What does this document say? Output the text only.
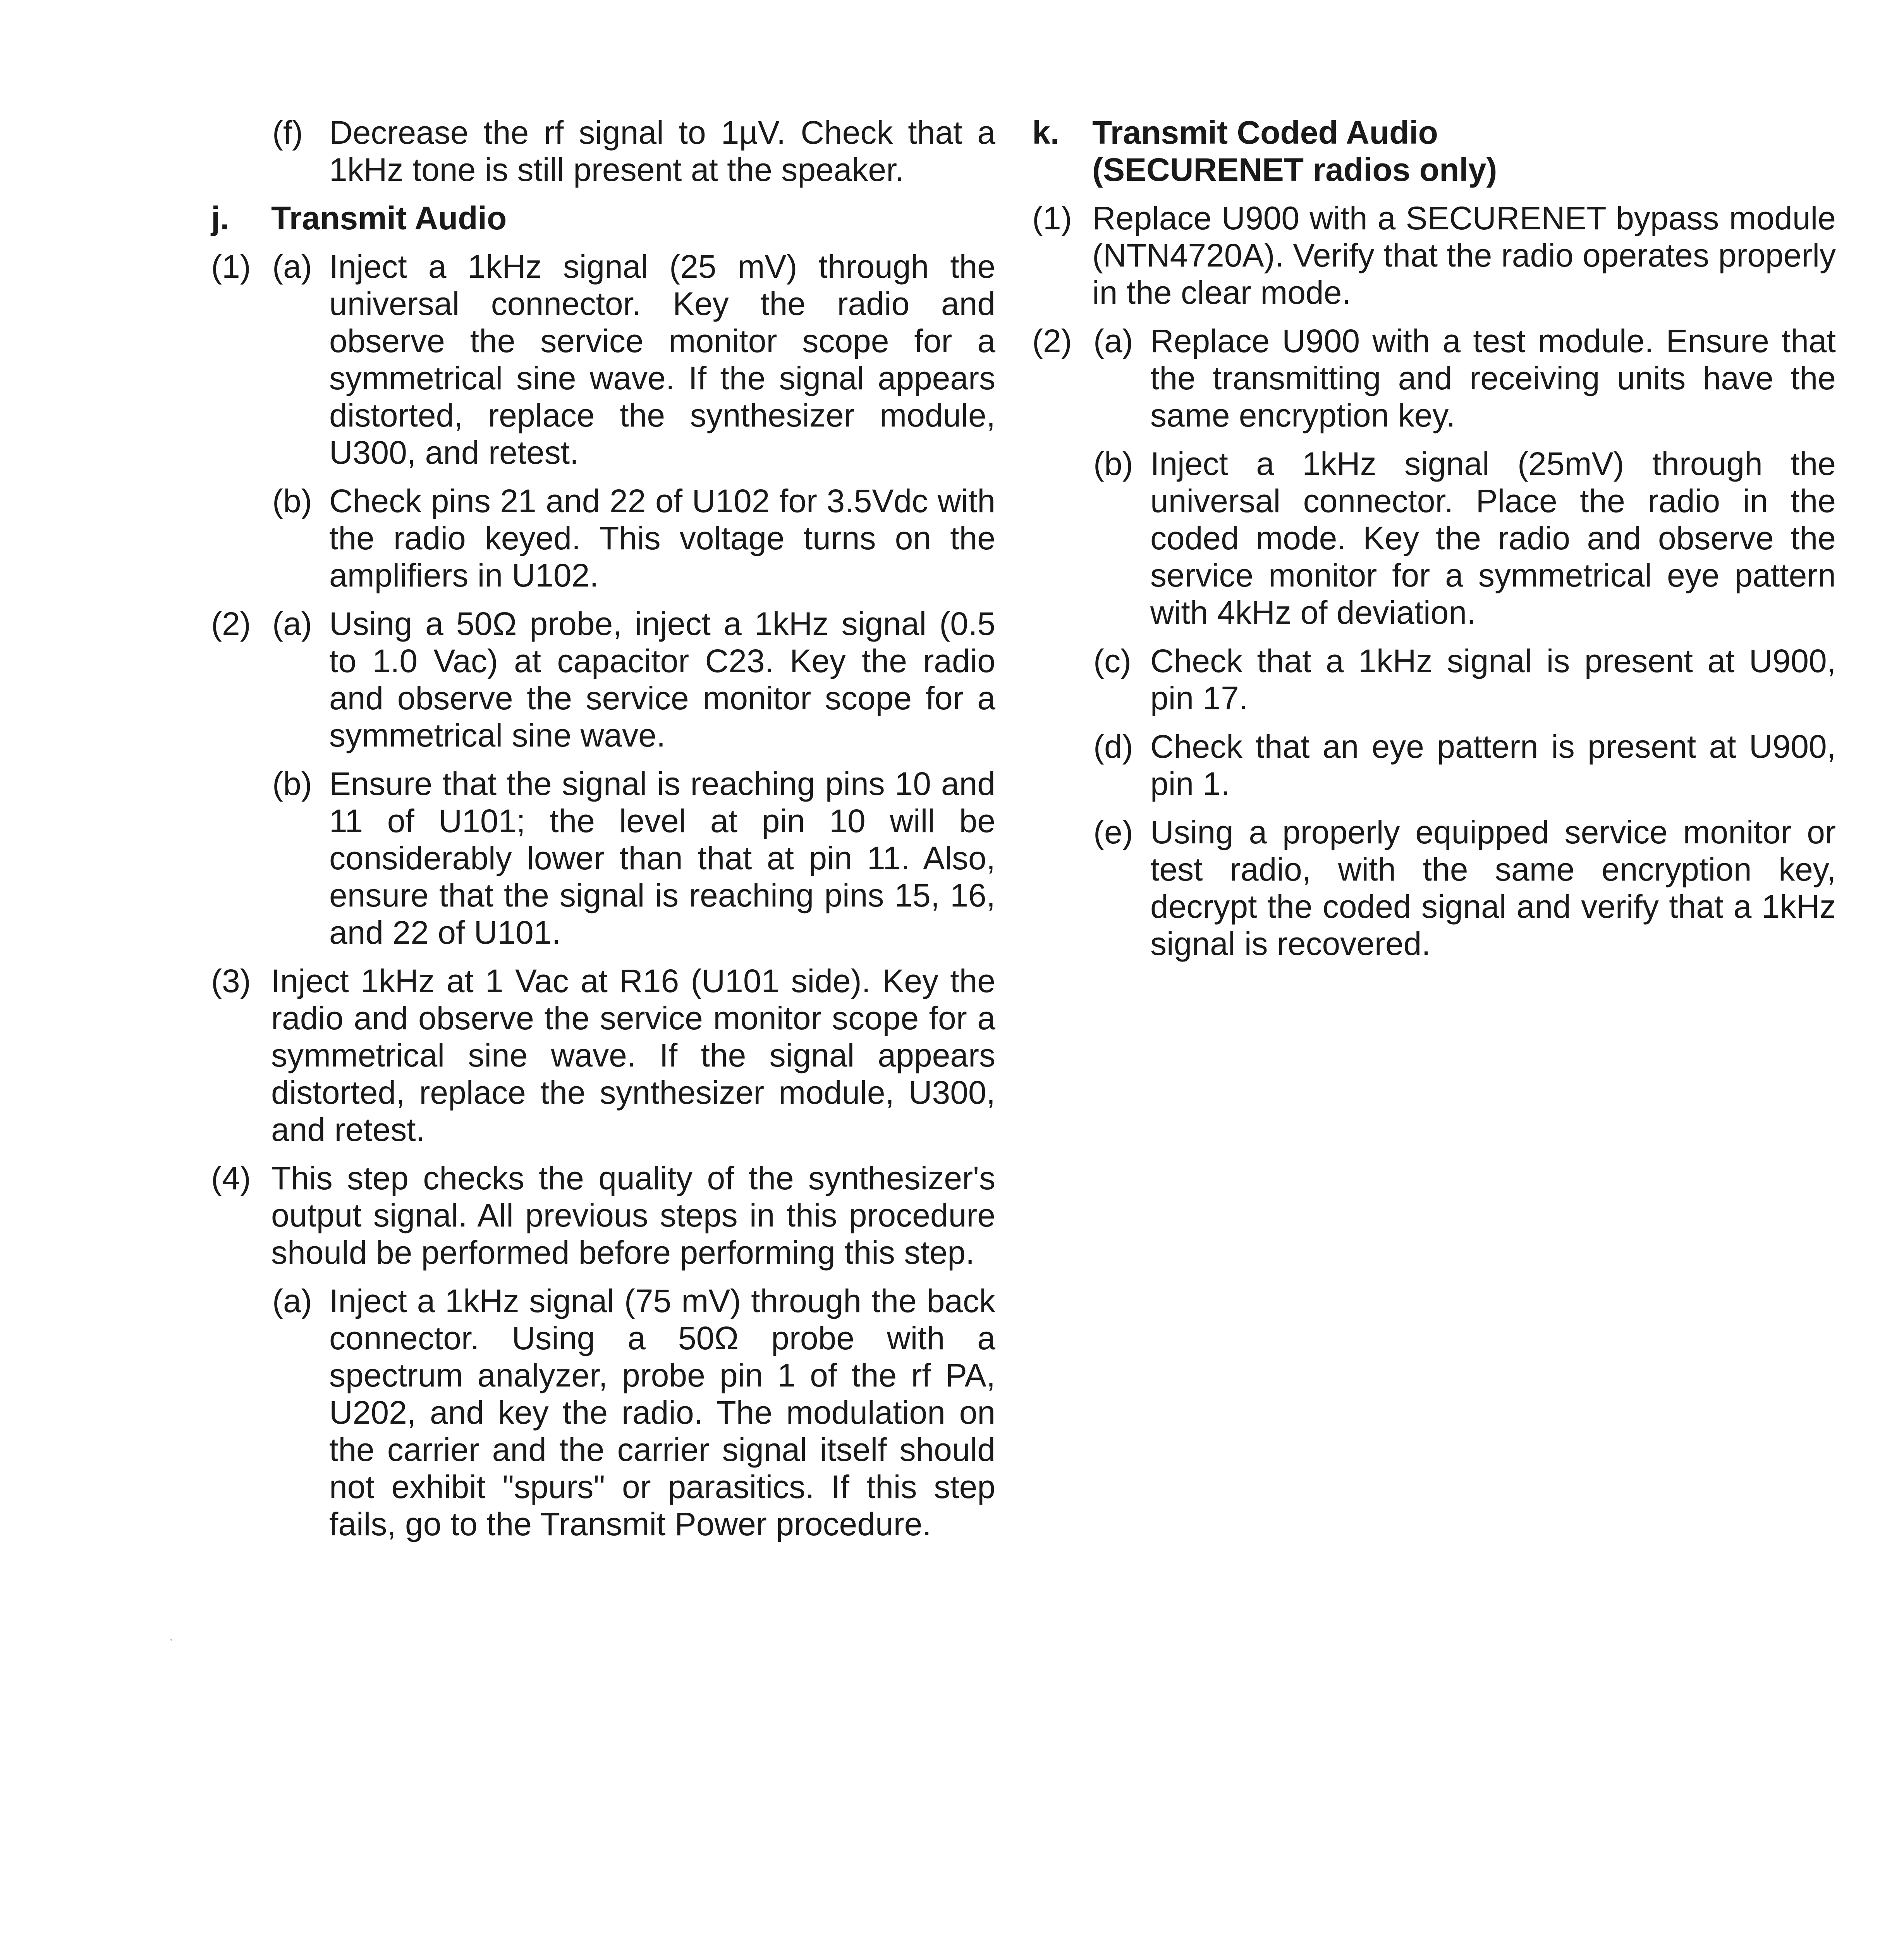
(f) Decrease the rf signal to 1µV. Check that a 1kHz tone is still present at the speaker.
j. Transmit Audio
(1) (a) Inject a 1kHz signal (25 mV) through the universal connector. Key the radio and observe the service monitor scope for a symmetrical sine wave. If the signal appears distorted, replace the synthesizer module, U300, and retest.
(b) Check pins 21 and 22 of U102 for 3.5Vdc with the radio keyed. This voltage turns on the amplifiers in U102.
(2) (a) Using a 50Ω probe, inject a 1kHz signal (0.5 to 1.0 Vac) at capacitor C23. Key the radio and observe the service monitor scope for a symmetrical sine wave.
(b) Ensure that the signal is reaching pins 10 and 11 of U101; the level at pin 10 will be considerably lower than that at pin 11. Also, ensure that the signal is reaching pins 15, 16, and 22 of U101.
(3) Inject 1kHz at 1 Vac at R16 (U101 side). Key the radio and observe the service monitor scope for a symmetrical sine wave. If the signal appears distorted, replace the synthesizer module, U300, and retest.
(4) This step checks the quality of the synthesizer's output signal. All previous steps in this procedure should be performed before performing this step.
(a) Inject a 1kHz signal (75 mV) through the back connector. Using a 50Ω probe with a spectrum analyzer, probe pin 1 of the rf PA, U202, and key the radio. The modulation on the carrier and the carrier signal itself should not exhibit "spurs" or parasitics. If this step fails, go to the Transmit Power procedure.
k. Transmit Coded Audio
(SECURENET radios only)
(1) Replace U900 with a SECURENET bypass module (NTN4720A). Verify that the radio operates properly in the clear mode.
(2) (a) Replace U900 with a test module. Ensure that the transmitting and receiving units have the same encryption key.
(b) Inject a 1kHz signal (25mV) through the universal connector. Place the radio in the coded mode. Key the radio and observe the service monitor for a symmetrical eye pattern with 4kHz of deviation.
(c) Check that a 1kHz signal is present at U900, pin 17.
(d) Check that an eye pattern is present at U900, pin 1.
(e) Using a properly equipped service monitor or test radio, with the same encryption key, decrypt the coded signal and verify that a 1kHz signal is recovered.
